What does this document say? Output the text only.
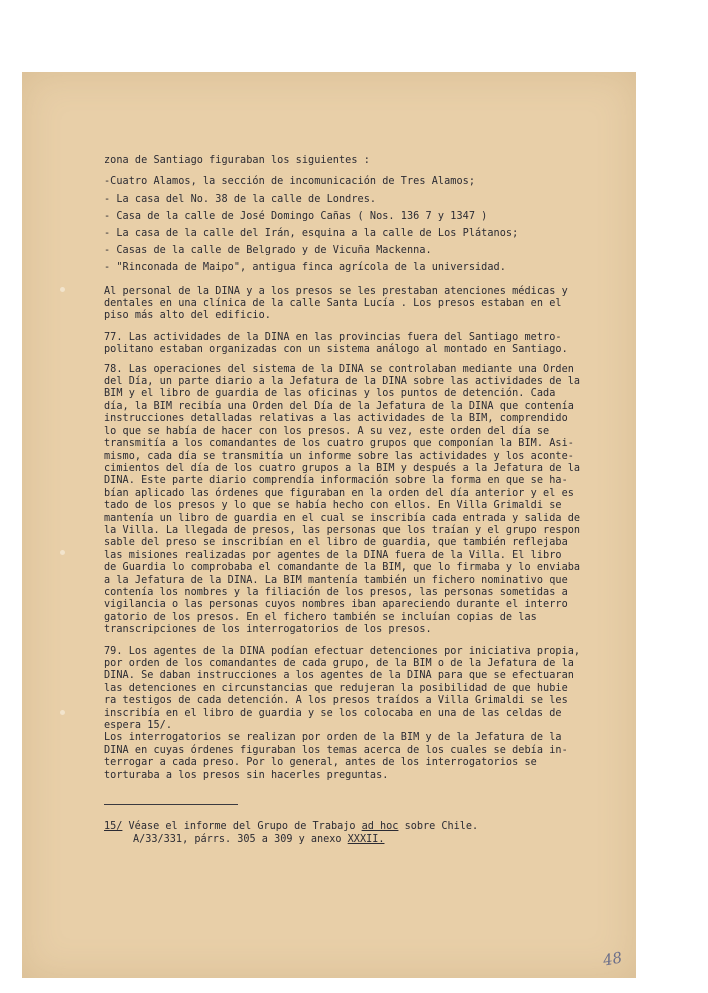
zona de Santiago figuraban los siguientes :

-Cuatro Alamos, la sección de incomunicación de Tres Alamos;
- La casa del No. 38 de la calle de Londres.
- Casa de la calle de José Domingo Cañas ( Nos. 136 7 y 1347 )
- La casa de la calle del Irán, esquina a la calle de Los Plátanos;
- Casas de la calle de Belgrado y de Vicuña Mackenna.
- "Rinconada de Maipo", antigua finca agrícola de la universidad.

Al personal de la DINA y a los presos se les prestaban atenciones médicas y
dentales en una clínica de la calle Santa Lucía . Los presos estaban en el
piso más alto del edificio.

77. Las actividades de la DINA en las provincias fuera del Santiago metro-
politano estaban organizadas con un sistema análogo al montado en Santiago.

78. Las operaciones del sistema de la DINA se controlaban mediante una Orden
del Día, un parte diario a la Jefatura de la DINA sobre las actividades de la
BIM y el libro de guardia de las oficinas y los puntos de detención. Cada
día, la BIM recibía una Orden del Día de la Jefatura de la DINA que contenía
instrucciones detalladas relativas a las actividades de la BIM, comprendido
lo que se había de hacer con los presos. A su vez, este orden del día se
transmitía a los comandantes de los cuatro grupos que componían la BIM. Asi-
mismo, cada día se transmitía un informe sobre las actividades y los aconte-
cimientos del día de los cuatro grupos a la BIM y después a la Jefatura de la
DINA. Este parte diario comprendía información sobre la forma en que se ha-
bían aplicado las órdenes que figuraban en la orden del día anterior y el es
tado de los presos y lo que se había hecho con ellos. En Villa Grimaldi se
mantenía un libro de guardia en el cual se inscribía cada entrada y salida de
la Villa. La llegada de presos, las personas que los traían y el grupo respon
sable del preso se inscribían en el libro de guardia, que también reflejaba
las misiones realizadas por agentes de la DINA fuera de la Villa. El libro
de Guardia lo comprobaba el comandante de la BIM, que lo firmaba y lo enviaba
a la Jefatura de la DINA. La BIM mantenía también un fichero nominativo que
contenía los nombres y la filiación de los presos, las personas sometidas a
vigilancia o las personas cuyos nombres iban apareciendo durante el interro
gatorio de los presos. En el fichero también se incluían copias de las
transcripciones de los interrogatorios de los presos.

79. Los agentes de la DINA podían efectuar detenciones por iniciativa propia,
por orden de los comandantes de cada grupo, de la BIM o de la Jefatura de la
DINA. Se daban instrucciones a los agentes de la DINA para que se efectuaran
las detenciones en circunstancias que redujeran la posibilidad de que hubie
ra testigos de cada detención. A los presos traídos a Villa Grimaldi se les
inscribía en el libro de guardia y se los colocaba en una de las celdas de
espera 15/.
Los interrogatorios se realizan por orden de la BIM y de la Jefatura de la
DINA en cuyas órdenes figuraban los temas acerca de los cuales se debía in-
terrogar a cada preso. Por lo general, antes de los interrogatorios se
torturaba a los presos sin hacerles preguntas.

15/ Véase el informe del Grupo de Trabajo ad hoc sobre Chile.
A/33/331, párrs. 305 a 309 y anexo XXXII.
48
